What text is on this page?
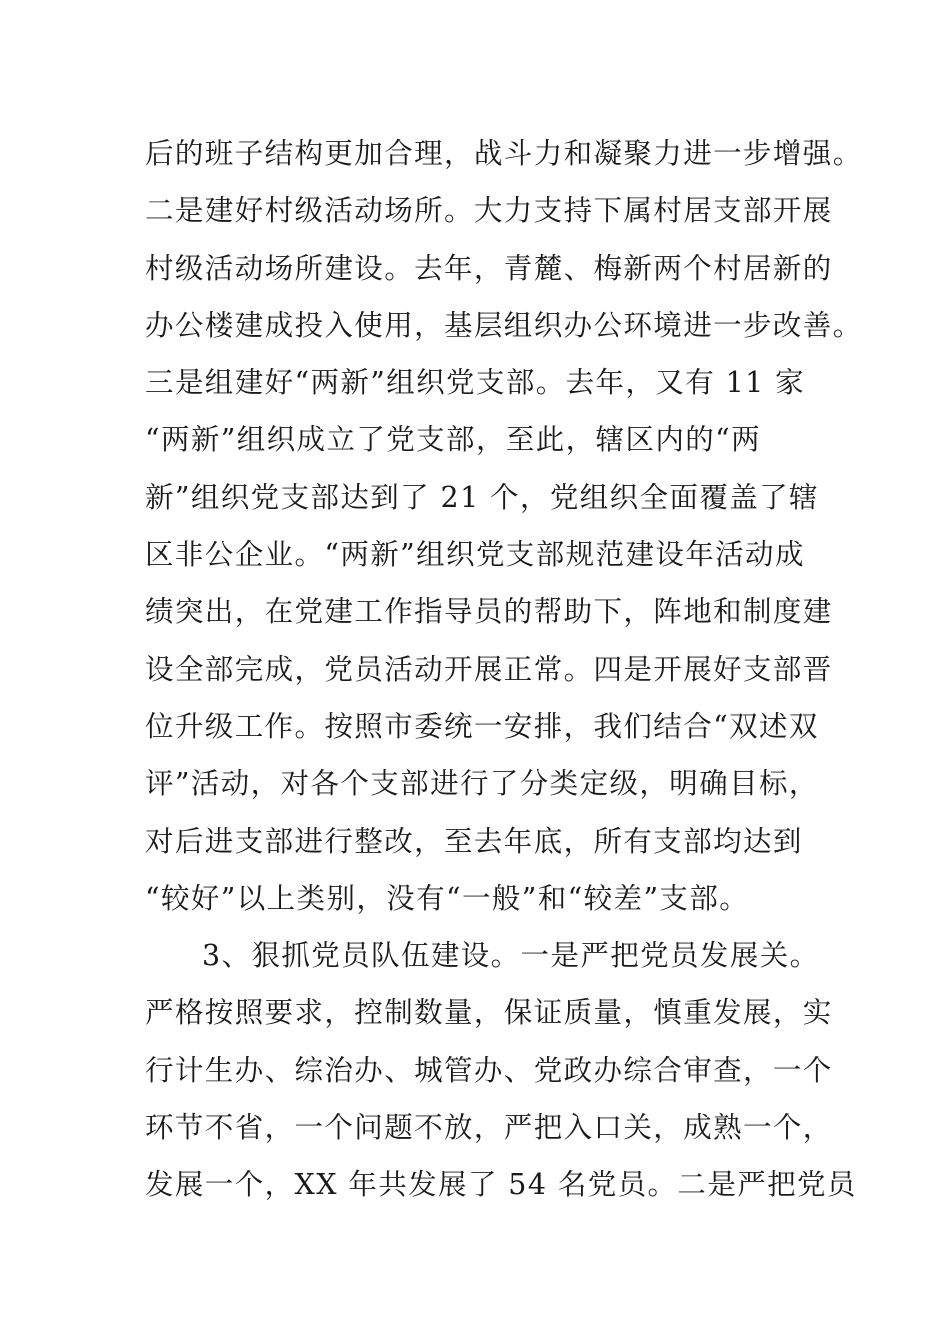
后的班子结构更加合理，战斗力和凝聚力进一步增强。
二是建好村级活动场所。大力支持下属村居支部开展
村级活动场所建设。去年，青麓、梅新两个村居新的
办公楼建成投入使用，基层组织办公环境进一步改善。
三是组建好“两新”组织党支部。去年，又有 11 家
“两新”组织成立了党支部，至此，辖区内的“两
新”组织党支部达到了 21 个，党组织全面覆盖了辖
区非公企业。“两新”组织党支部规范建设年活动成
绩突出，在党建工作指导员的帮助下，阵地和制度建
设全部完成，党员活动开展正常。四是开展好支部晋
位升级工作。按照市委统一安排，我们结合“双述双
评”活动，对各个支部进行了分类定级，明确目标，
对后进支部进行整改，至去年底，所有支部均达到
“较好”以上类别，没有“一般”和“较差”支部。
3、狠抓党员队伍建设。一是严把党员发展关。
严格按照要求，控制数量，保证质量，慎重发展，实
行计生办、综治办、城管办、党政办综合审查，一个
环节不省，一个问题不放，严把入口关，成熟一个，
发展一个，XX 年共发展了 54 名党员。二是严把党员
